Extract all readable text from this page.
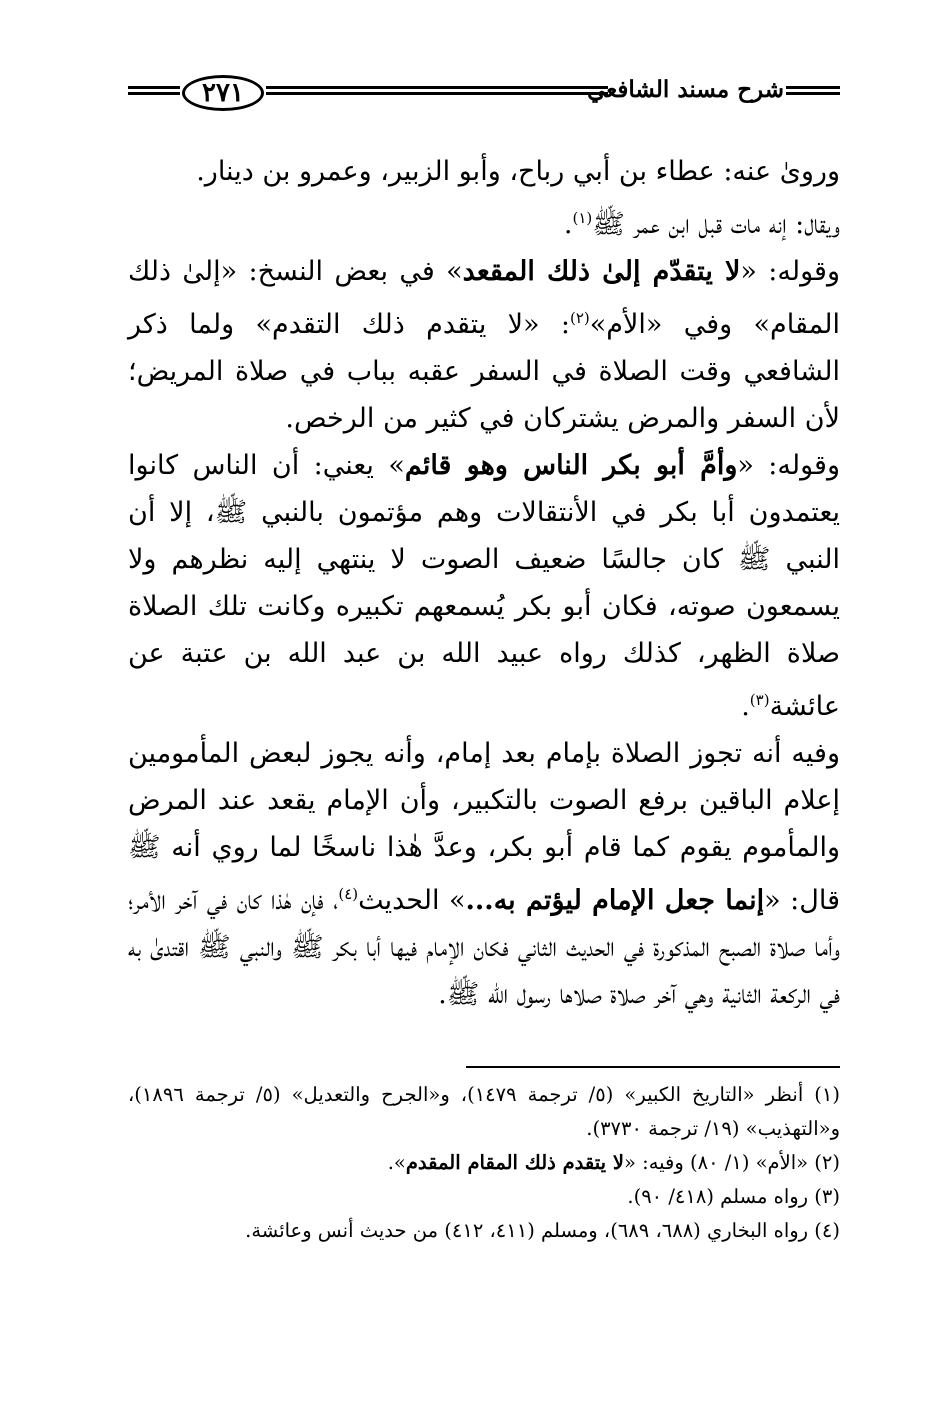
٢٧١	شرح مسند الشافعي

ورویٰ عنه: عطاء بن أبي رباح، وأبو الزبير، وعمرو بن دينار.

ويقال: إنه مات قبل ابن عمر ﷺ$^{(١)}$.

وقوله: «لا يتقدّم إلىٰ ذلك المقعد» في بعض النسخ: «إلىٰ ذلك المقام» وفي «الأم»$^{(٢)}$: «لا يتقدم ذلك التقدم» ولما ذكر الشافعي وقت الصلاة في السفر عقبه بباب في صلاة المريض؛ لأن السفر والمرض يشتركان في كثير من الرخص.

وقوله: «وأمَّ أبو بكر الناس وهو قائم» يعني: أن الناس كانوا يعتمدون أبا بكر في الأنتقالات وهم مؤتمون بالنبي ﷺ، إلا أن النبي ﷺ كان جالسًا ضعيف الصوت لا ينتهي إليه نظرهم ولا يسمعون صوته، فكان أبو بكر يُسمعهم تكبيره وكانت تلك الصلاة صلاة الظهر، كذلك رواه عبيد الله بن عبد الله بن عتبة عن عائشة$^{(٣)}$.

وفيه أنه تجوز الصلاة بإمام بعد إمام، وأنه يجوز لبعض المأمومين إعلام الباقين برفع الصوت بالتكبير، وأن الإمام يقعد عند المرض والمأموم يقوم كما قام أبو بكر، وعدَّ هٰذا ناسخًا لما روي أنه ﷺ قال: «إنما جعل الإمام ليؤتم به...» الحديث$^{(٤)}$، فإن هٰذا كان في آخر الأمر؛ وأما صلاة الصبح المذكورة في الحديث الثاني فكان الإمام فيها أبا بكر ﷺ والنبي ﷺ اقتدىٰ به في الركعة الثانية وهي آخر صلاة صلاها رسول الله ﷺ.

(١) أنظر «التاريخ الكبير» (٥/ ترجمة ١٤٧٩)، و«الجرح والتعديل» (٥/ ترجمة ١٨٩٦)، و«التهذيب» (١٩/ ترجمة ٣٧٣٠).

(٢) «الأم» (١/ ٨٠) وفيه: «لا يتقدم ذلك المقام المقدم».

(٣) رواه مسلم (٤١٨/ ٩٠).

(٤) رواه البخاري (٦٨٨، ٦٨٩)، ومسلم (٤١١، ٤١٢) من حديث أنس وعائشة.
